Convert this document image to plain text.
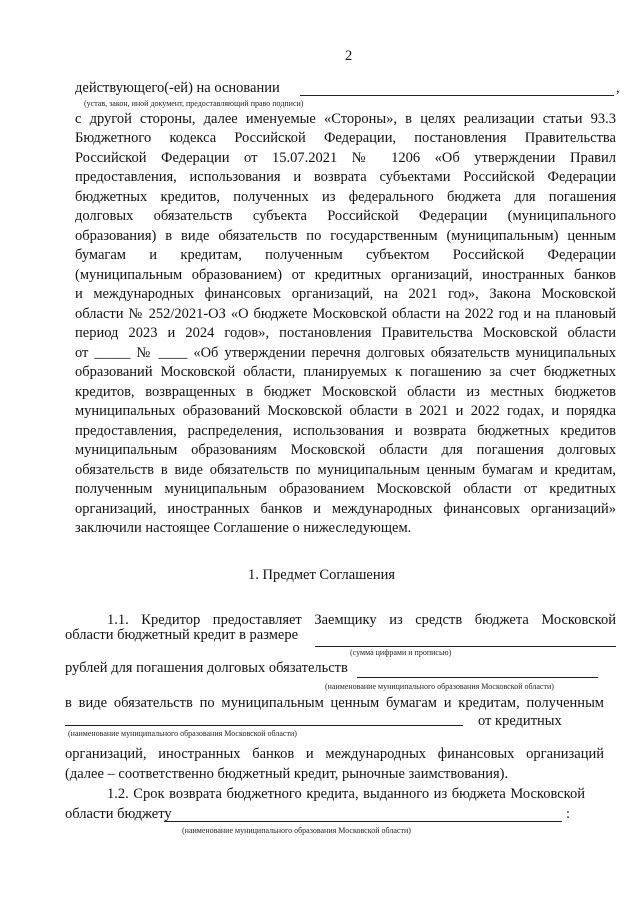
2
действующего(-ей) на основании	,
(устав, закон, иной документ, предоставляющий право подписи)
с другой стороны, далее именуемые «Стороны», в целях реализации статьи 93.3
Бюджетного кодекса Российской Федерации, постановления Правительства
Российской Федерации от 15.07.2021 № 1206 «Об утверждении Правил
предоставления, использования и возврата субъектами Российской Федерации
бюджетных кредитов, полученных из федерального бюджета для погашения
долговых обязательств субъекта Российской Федерации (муниципального
образования) в виде обязательств по государственным (муниципальным) ценным
бумагам и кредитам, полученным субъектом Российской Федерации
(муниципальным образованием) от кредитных организаций, иностранных банков
и международных финансовых организаций, на 2021 год», Закона Московской
области № 252/2021-ОЗ «О бюджете Московской области на 2022 год и на плановый
период 2023 и 2024 годов», постановления Правительства Московской области
от _____ № ____ «Об утверждении перечня долговых обязательств муниципальных
образований Московской области, планируемых к погашению за счет бюджетных
кредитов, возвращенных в бюджет Московской области из местных бюджетов
муниципальных образований Московской области в 2021 и 2022 годах, и порядка
предоставления, распределения, использования и возврата бюджетных кредитов
муниципальным образованиям Московской области для погашения долговых
обязательств в виде обязательств по муниципальным ценным бумагам и кредитам,
полученным муниципальным образованием Московской области от кредитных
организаций, иностранных банков и международных финансовых организаций»
заключили настоящее Соглашение о нижеследующем.
1. Предмет Соглашения
1.1. Кредитор предоставляет Заемщику из средств бюджета Московской
области бюджетный кредит в размере
(сумма цифрами и прописью)
рублей для погашения долговых обязательств
(наименование муниципального образования Московской области)
в виде обязательств по муниципальным ценным бумагам и кредитам, полученным
от кредитных
(наименование муниципального образования Московской области)
организаций, иностранных банков и международных финансовых организаций
(далее – соответственно бюджетный кредит, рыночные заимствования).
1.2. Срок возврата бюджетного кредита, выданного из бюджета Московской
области бюджету	:
(наименование муниципального образования Московской области)
